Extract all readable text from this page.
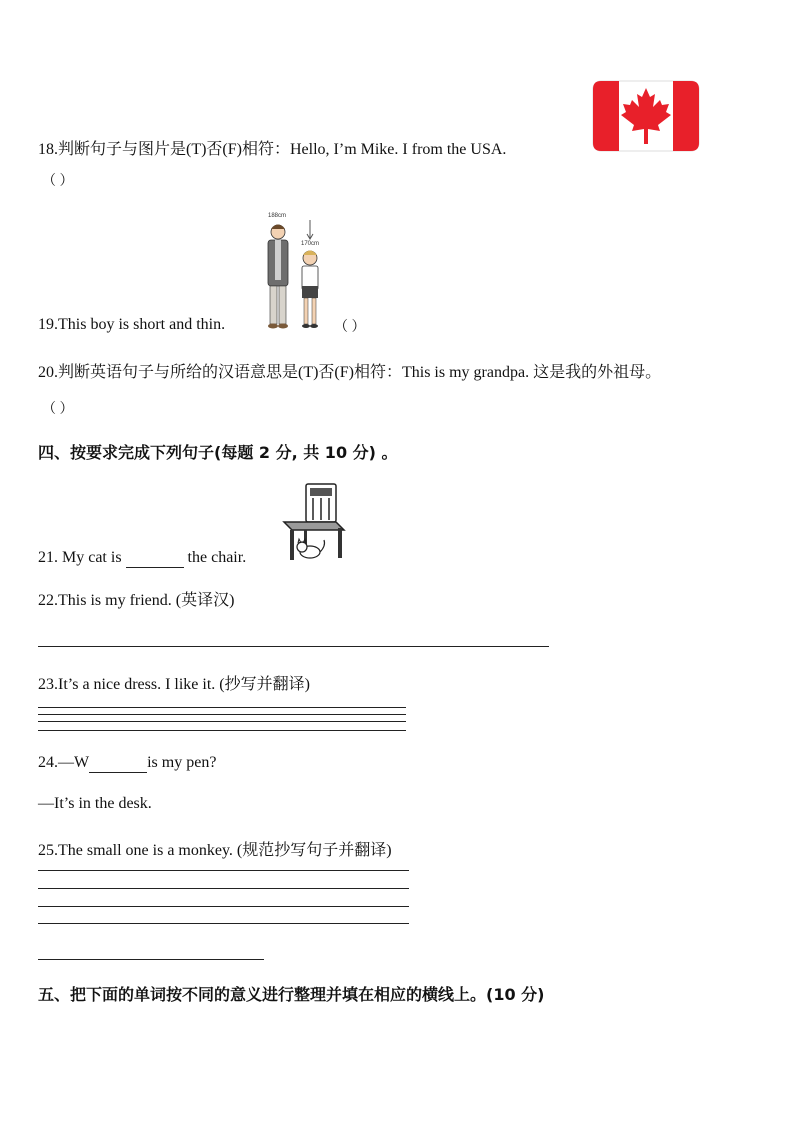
18.判断句子与图片是(T)否(F)相符：Hello, I’m Mike. I from the USA.
（ ）
19.This boy is short and thin.
188cm
170cm
（ ）
20.判断英语句子与所给的汉语意思是(T)否(F)相符：This is my grandpa. 这是我的外祖母。
（ ）
四、按要求完成下列句子(每题 2 分, 共 10 分) 。
21. My cat is	the chair.
22.This is my friend. (英译汉)
23.It’s a nice dress. I like it. (抄写并翻译)
24.—W	is my pen?
—It’s in the desk.
25.The small one is a monkey. (规范抄写句子并翻译)
五、把下面的单词按不同的意义进行整理并填在相应的横线上。(10 分)
